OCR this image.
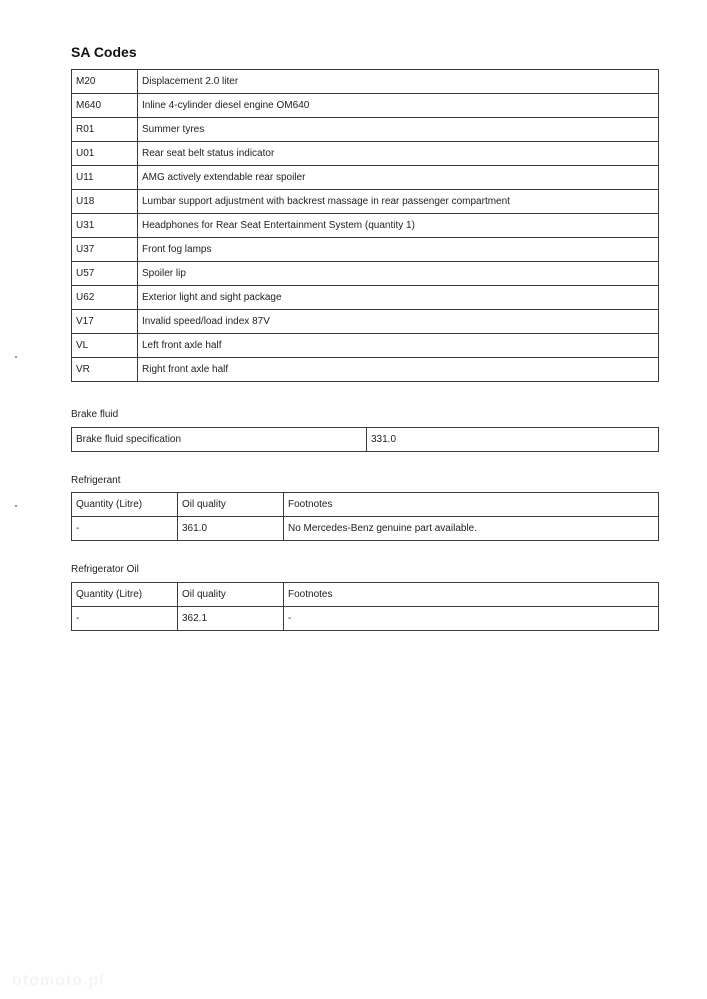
SA Codes
M20	Displacement 2.0 liter
M640	Inline 4-cylinder diesel engine OM640
R01	Summer tyres
U01	Rear seat belt status indicator
U11	AMG actively extendable rear spoiler
U18	Lumbar support adjustment with backrest massage in rear passenger compartment
U31	Headphones for Rear Seat Entertainment System (quantity 1)
U37	Front fog lamps
U57	Spoiler lip
U62	Exterior light and sight package
V17	Invalid speed/load index 87V
VL	Left front axle half
VR	Right front axle half
Brake fluid
Brake fluid specification	331.0
Refrigerant
Quantity (Litre)	Oil quality	Footnotes
-	361.0	No Mercedes-Benz genuine part available.
Refrigerator Oil
Quantity (Litre)	Oil quality	Footnotes
-	362.1	-
otomoto.pl
